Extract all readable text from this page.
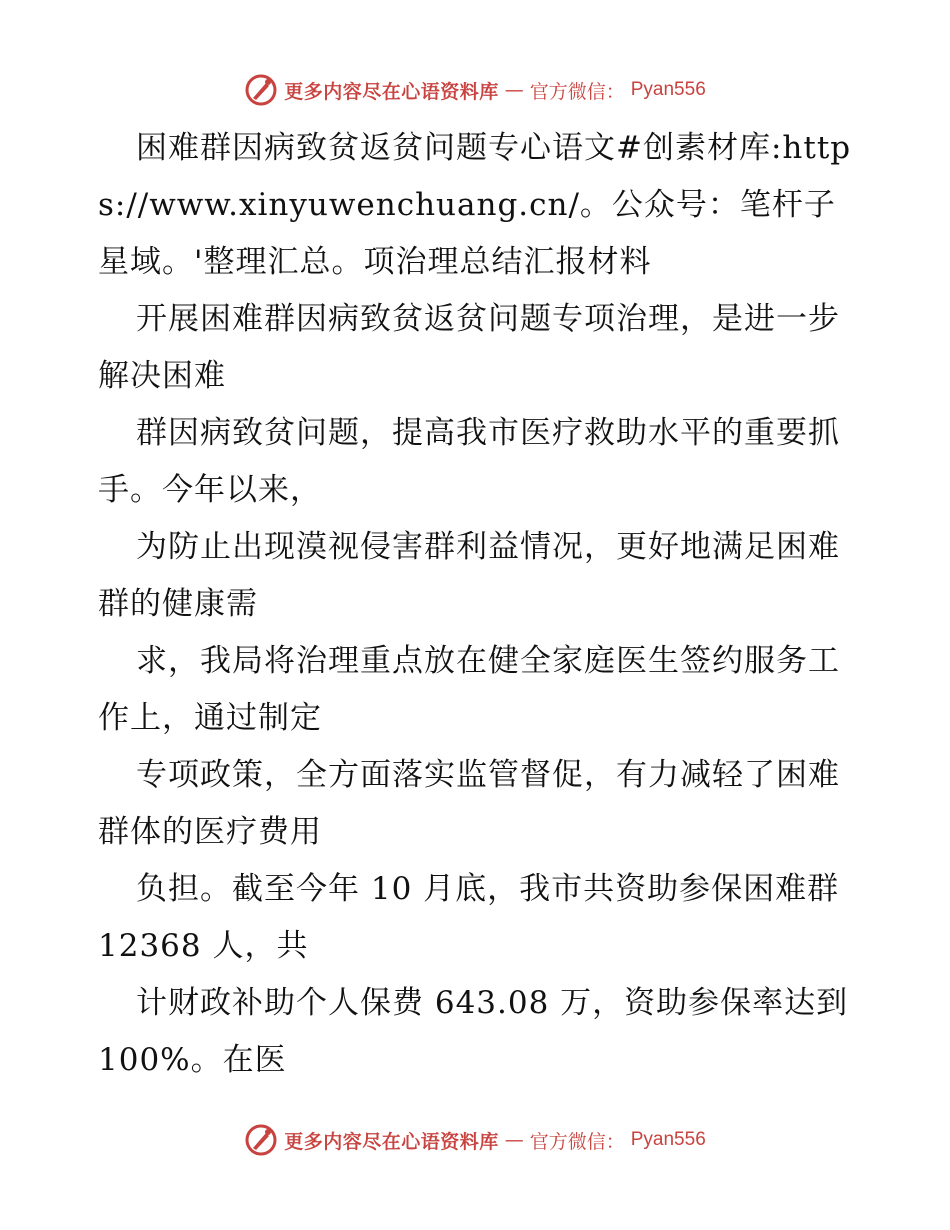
更多内容尽在心语资料库 — 官方微信： Pyan556

困难群因病致贫返贫问题专心语文#创素材库:https://www.xinyuwenchuang.cn/。公众号：笔杆子星域。'整理汇总。项治理总结汇报材料

开展困难群因病致贫返贫问题专项治理，是进一步解决困难

群因病致贫问题，提高我市医疗救助水平的重要抓手。今年以来，

为防止出现漠视侵害群利益情况，更好地满足困难群的健康需

求，我局将治理重点放在健全家庭医生签约服务工作上，通过制定

专项政策，全方面落实监管督促，有力减轻了困难群体的医疗费用

负担。截至今年 10 月底，我市共资助参保困难群 12368 人，共

计财政补助个人保费 643.08 万，资助参保率达到 100%。在医

更多内容尽在心语资料库 — 官方微信： Pyan556
